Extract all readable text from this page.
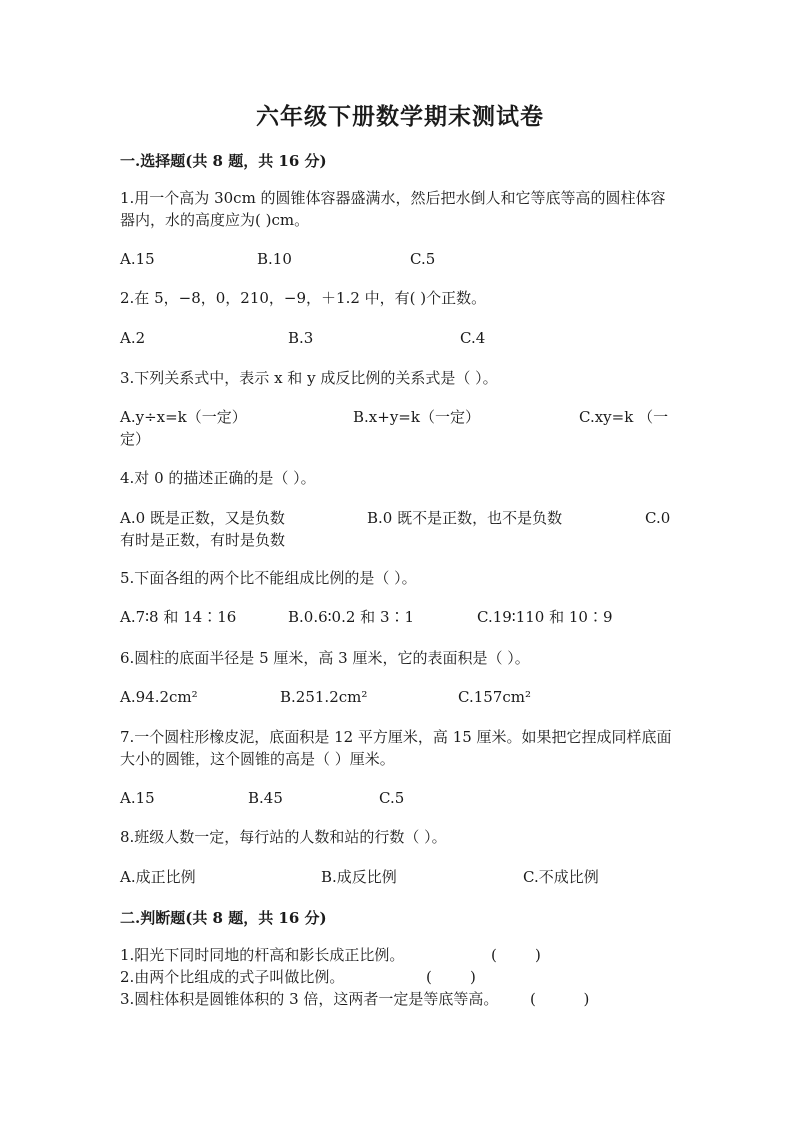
六年级下册数学期末测试卷
一.选择题(共 8 题，共 16 分)
1.用一个高为 30cm 的圆锥体容器盛满水，然后把水倒人和它等底等高的圆柱体容器内，水的高度应为( )cm。
A.15	B.10	C.5
2.在 5，−8，0，210，−9，＋1.2 中，有( )个正数。
A.2	B.3	C.4
3.下列关系式中，表示 x 和 y 成反比例的关系式是（ ）。
A.y÷x=k（一定）	B.x+y=k（一定）	C.xy=k （一
定）
4.对 0 的描述正确的是（ ）。
A.0 既是正数，又是负数	B.0 既不是正数，也不是负数	C.0
有时是正数，有时是负数
5.下面各组的两个比不能组成比例的是（ ）。
A.7∶8 和 14∶16	B.0.6∶0.2 和 3∶1	C.19∶110 和 10∶9
6.圆柱的底面半径是 5 厘米，高 3 厘米，它的表面积是（ ）。
A.94.2cm²	B.251.2cm²	C.157cm²
7.一个圆柱形橡皮泥，底面积是 12 平方厘米，高 15 厘米。如果把它捏成同样底面大小的圆锥，这个圆锥的高是（ ）厘米。
A.15	B.45	C.5
8.班级人数一定，每行站的人数和站的行数（ ）。
A.成正比例	B.成反比例	C.不成比例
二.判断题(共 8 题，共 16 分)
1.阳光下同时同地的杆高和影长成正比例。	(        )
2.由两个比组成的式子叫做比例。	(        )
3.圆柱体积是圆锥体积的 3 倍，这两者一定是等底等高。 (          )
